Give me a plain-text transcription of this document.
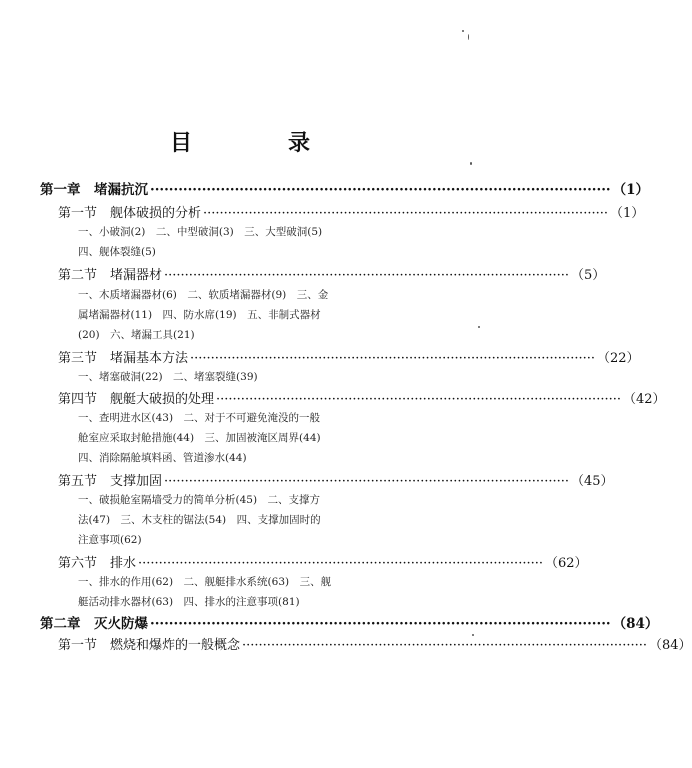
目	录
第一章　堵漏抗沉 ·································································································· （1）
第一节　舰体破损的分析 ·································································································· （1）
一、小破洞(2)　二、中型破洞(3)　三、大型破洞(5)
四、舰体裂缝(5)
第二节　堵漏器材 ·································································································· （5）
一、木质堵漏器材(6)　二、软质堵漏器材(9)　三、金
属堵漏器材(11)　四、防水席(19)　五、非制式器材
(20)　六、堵漏工具(21)
第三节　堵漏基本方法 ·································································································· （22）
一、堵塞破洞(22)　二、堵塞裂缝(39)
第四节　舰艇大破损的处理 ·································································································· （42）
一、查明进水区(43)　二、对于不可避免淹没的一般
舱室应采取封舱措施(44)　三、加固被淹区周界(44)
四、消除隔舱填料函、管道渗水(44)
第五节　支撑加固 ·································································································· （45）
一、破损舱室隔墙受力的简单分析(45)　二、支撑方
法(47)　三、木支柱的锯法(54)　四、支撑加固时的
注意事项(62)
第六节　排水 ·································································································· （62）
一、排水的作用(62)　二、舰艇排水系统(63)　三、舰
艇活动排水器材(63)　四、排水的注意事项(81)
第二章　灭火防爆 ·································································································· （84）
第一节　燃烧和爆炸的一般概念 ·································································································· （84）
